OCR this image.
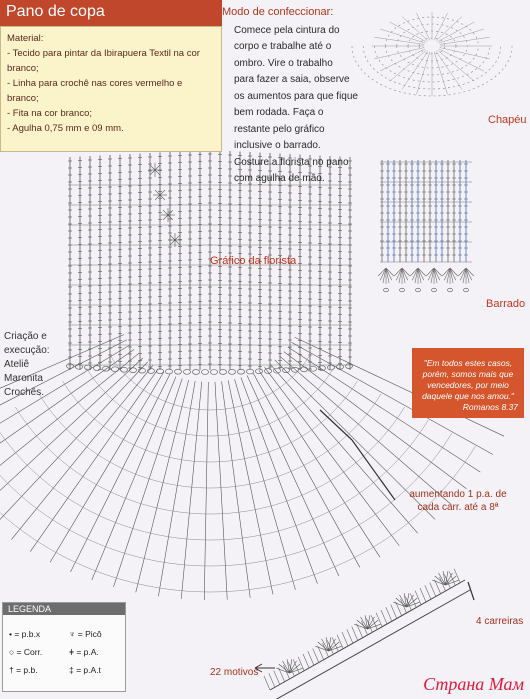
Pano de copa
Material:
- Tecido para pintar da Ibirapuera Textil na cor branco;
- Linha para crochê nas cores vermelho e branco;
- Fita na cor branco;
- Agulha 0,75 mm e 09 mm.
Modo de confeccionar:
Comece pela cintura do
corpo e trabalhe até o
ombro. Vire o trabalho
para fazer a saia, observe
os aumentos para que fique
bem rodada. Faça o
restante pelo gráfico
inclusive o barrado.
Costure a florista no pano
com agulha de mão.
Chapéu
Gráfico da florista
Barrado
Criação e
execução:
Ateliê
Maronita
Crochês.
"Em todos estes casos, porém, somos mais que vencedores, por meio daquele que nos amou."
Romanos 8.37
aumentando 1 p.a. de
cada carr. até a 8ª
4 carreiras
22 motivos
LEGENDA
• = p.b.x
○ = Corr.
† = p.b.
♆ = Picô
ǂ = p.A.
‡ = p.A.t
Страна Мам
